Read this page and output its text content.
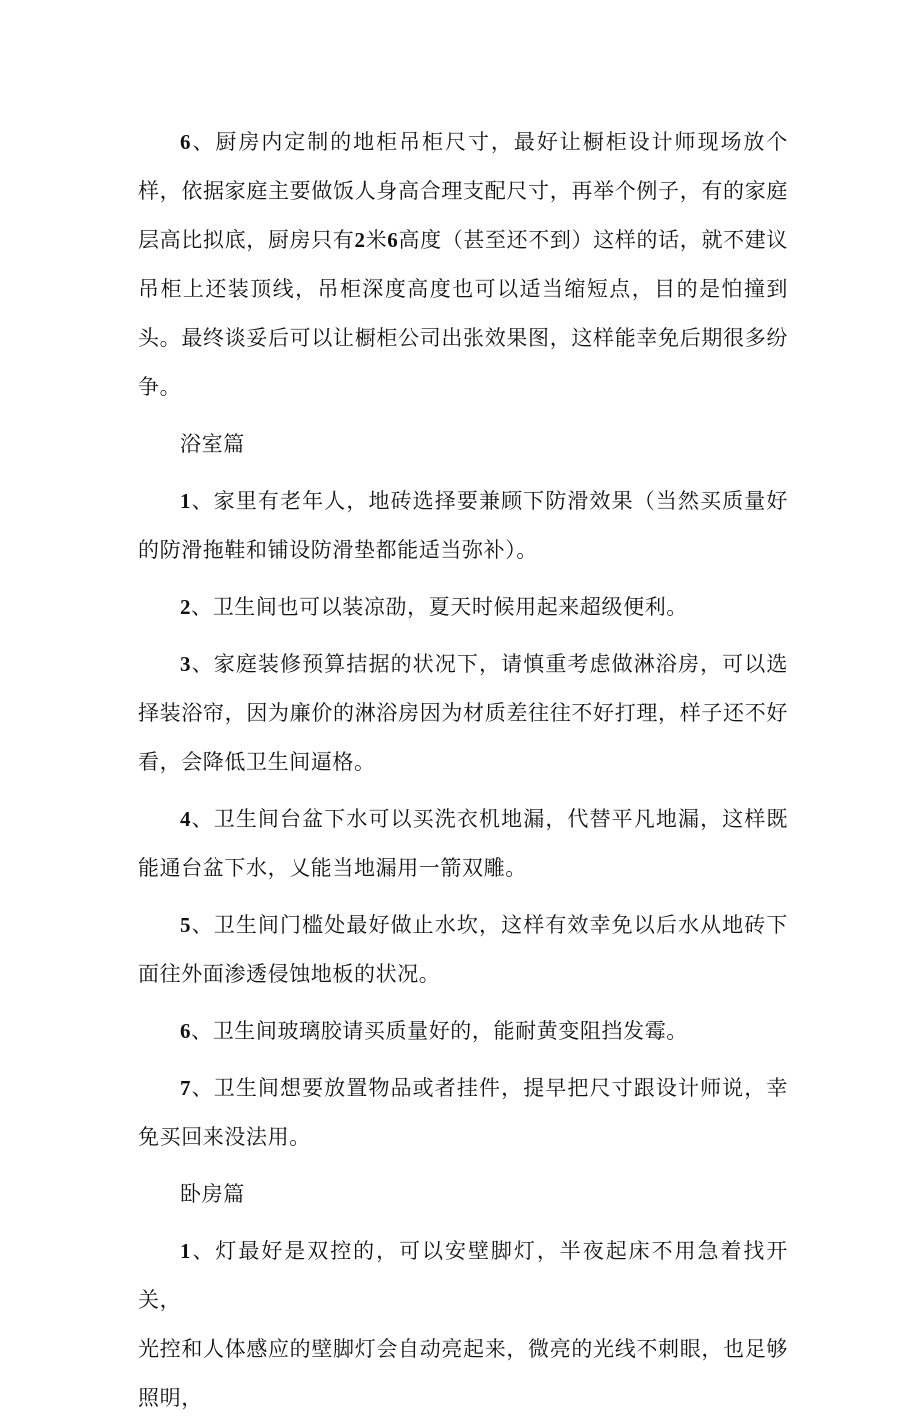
6、厨房内定制的地柜吊柜尺寸，最好让橱柜设计师现场放个样，依据家庭主要做饭人身高合理支配尺寸，再举个例子，有的家庭层高比拟底，厨房只有2米6高度（甚至还不到）这样的话，就不建议吊柜上还装顶线，吊柜深度高度也可以适当缩短点，目的是怕撞到头。最终谈妥后可以让橱柜公司出张效果图，这样能幸免后期很多纷争。

浴室篇

1、家里有老年人，地砖选择要兼顾下防滑效果（当然买质量好的防滑拖鞋和铺设防滑垫都能适当弥补）。

2、卫生间也可以装凉劭，夏天时候用起来超级便利。

3、家庭装修预算拮据的状况下，请慎重考虑做淋浴房，可以选择装浴帘，因为廉价的淋浴房因为材质差往往不好打理，样子还不好看，会降低卫生间逼格。

4、卫生间台盆下水可以买洗衣机地漏，代替平凡地漏，这样既能通台盆下水，乂能当地漏用一箭双雕。

5、卫生间门槛处最好做止水坎，这样有效幸免以后水从地砖下面往外面渗透侵蚀地板的状况。

6、卫生间玻璃胶请买质量好的，能耐黄变阻挡发霉。

7、卫生间想要放置物品或者挂件，提早把尺寸跟设计师说，幸免买回来没法用。

卧房篇

1、灯最好是双控的，可以安壁脚灯，半夜起床不用急着找开关，

光控和人体感应的壁脚灯会自动亮起来，微亮的光线不刺眼，也足够照明，
